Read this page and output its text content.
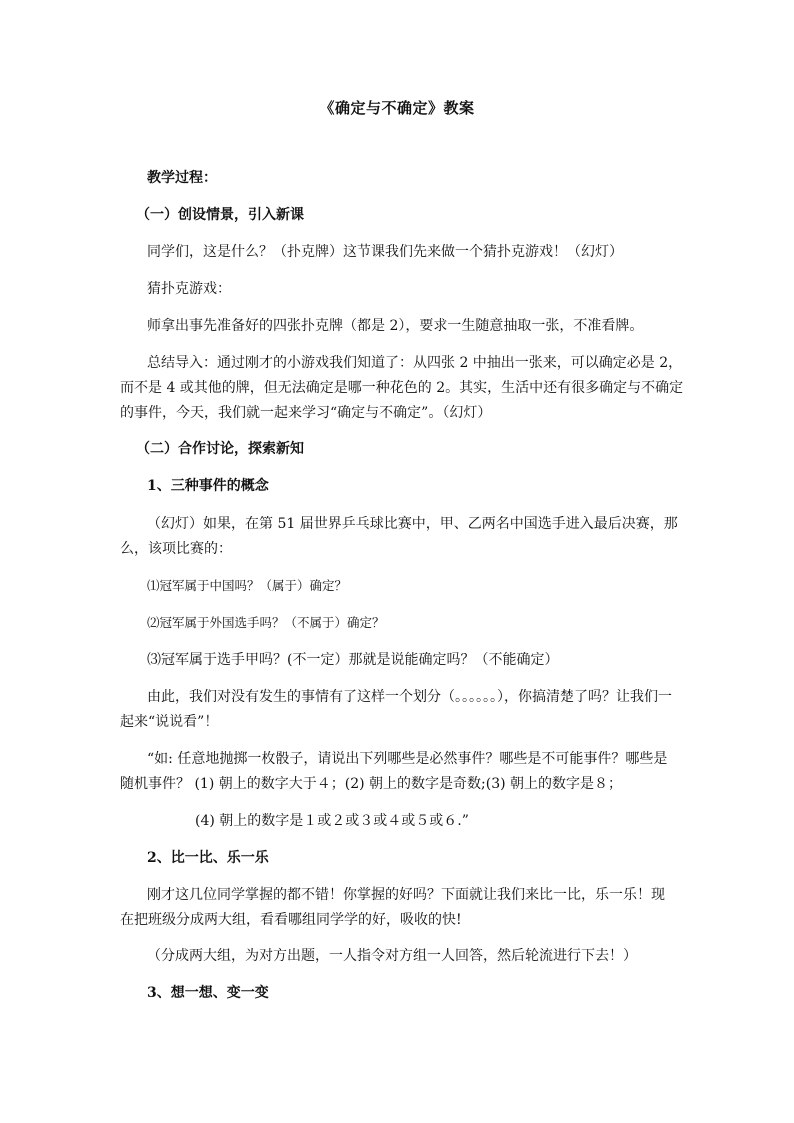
《确定与不确定》教案
教学过程：
（一）创设情景，引入新课
同学们，这是什么？（扑克牌）这节课我们先来做一个猜扑克游戏！（幻灯）
猜扑克游戏：
师拿出事先准备好的四张扑克牌（都是 2），要求一生随意抽取一张，不准看牌。
总结导入：通过刚才的小游戏我们知道了：从四张 2 中抽出一张来，可以确定必是 2，
而不是 4 或其他的牌，但无法确定是哪一种花色的 2。其实，生活中还有很多确定与不确定
的事件，今天，我们就一起来学习“确定与不确定”。（幻灯）
（二）合作讨论，探索新知
1、三种事件的概念
（幻灯）如果，在第 51 届世界乒乓球比赛中，甲、乙两名中国选手进入最后决赛，那
么，该项比赛的：
⑴冠军属于中国吗？（属于）确定？
⑵冠军属于外国选手吗？（不属于）确定？
⑶冠军属于选手甲吗？(不一定）那就是说能确定吗？（不能确定）
由此，我们对没有发生的事情有了这样一个划分（。。。。。。），你搞清楚了吗？让我们一
起来“说说看”！
“如: 任意地抛掷一枚骰子，请说出下列哪些是必然事件？哪些是不可能事件？哪些是
随机事件？ (1) 朝上的数字大于４；(2) 朝上的数字是奇数;(3) 朝上的数字是８；
(4) 朝上的数字是１或２或３或４或５或６.”
2、比一比、乐一乐
刚才这几位同学掌握的都不错！你掌握的好吗？下面就让我们来比一比，乐一乐！现
在把班级分成两大组，看看哪组同学学的好，吸收的快!
（分成两大组，为对方出题，一人指令对方组一人回答，然后轮流进行下去！）
3、想一想、变一变
